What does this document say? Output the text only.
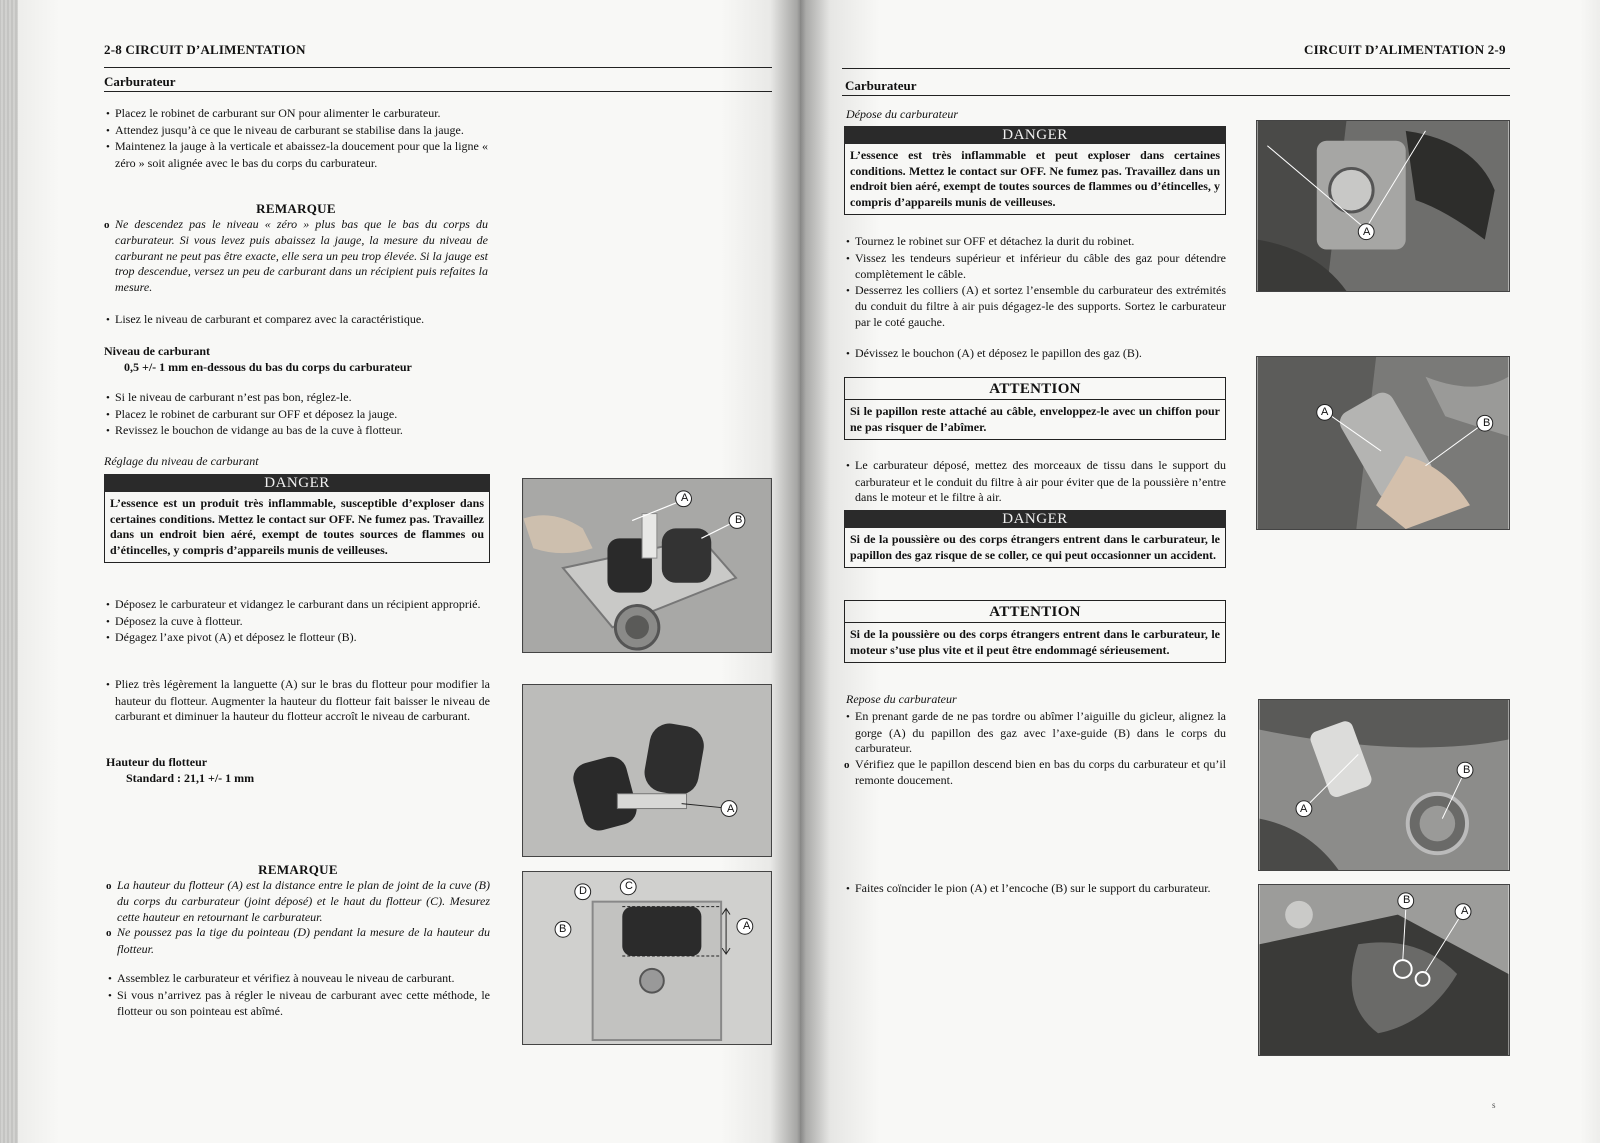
2-8 CIRCUIT D’ALIMENTATION
Carburateur

• Placez le robinet de carburant sur ON pour alimenter le carburateur.

• Attendez jusqu’à ce que le niveau de carburant se stabilise dans la jauge.

• Maintenez la jauge à la verticale et abaissez-la doucement pour que la ligne « zéro » soit alignée avec le bas du corps du carburateur.

REMARQUE

o Ne descendez pas le niveau « zéro » plus bas que le bas du corps du carburateur. Si vous levez puis abaissez la jauge, la mesure du niveau de carburant ne peut pas être exacte, elle sera un peu trop élevée. Si la jauge est trop descendue, versez un peu de carburant dans un récipient puis refaites la mesure.

• Lisez le niveau de carburant et comparez avec la caractéristique.

Niveau de carburant

0,5 +/- 1 mm en-dessous du bas du corps du carburateur

• Si le niveau de carburant n’est pas bon, réglez-le.

• Placez le robinet de carburant sur OFF et déposez la jauge.

• Revissez le bouchon de vidange au bas de la cuve à flotteur.

Réglage du niveau de carburant
DANGER
L’essence est un produit très inflammable, susceptible d’exploser dans certaines conditions. Mettez le contact sur OFF. Ne fumez pas. Travaillez dans un endroit bien aéré, exempt de toutes sources de flammes ou d’étincelles, y compris d’appareils munis de veilleuses.

• Déposez le carburateur et vidangez le carburant dans un récipient approprié.

• Déposez la cuve à flotteur.

• Dégagez l’axe pivot (A) et déposez le flotteur (B).

• Pliez très légèrement la languette (A) sur le bras du flotteur pour modifier la hauteur du flotteur. Augmenter la hauteur du flotteur fait baisser le niveau de carburant et diminuer la hauteur du flotteur accroît le niveau de carburant.

Hauteur du flotteur

Standard : 21,1 +/- 1 mm

REMARQUE

o La hauteur du flotteur (A) est la distance entre le plan de joint de la cuve (B) du corps du carburateur (joint déposé) et le haut du flotteur (C). Mesurez cette hauteur en retournant le carburateur.

o Ne poussez pas la tige du pointeau (D) pendant la mesure de la hauteur du flotteur.

• Assemblez le carburateur et vérifiez à nouveau le niveau de carburant.

• Si vous n’arrivez pas à régler le niveau de carburant avec cette méthode, le flotteur ou son pointeau est abîmé.

A
B
A
D	C
B	A
CIRCUIT D’ALIMENTATION 2-9
Carburateur
Dépose du carburateur
DANGER
L’essence est très inflammable et peut exploser dans certaines conditions. Mettez le contact sur OFF. Ne fumez pas. Travaillez dans un endroit bien aéré, exempt de toutes sources de flammes ou d’étincelles, y compris d’appareils munis de veilleuses.

• Tournez le robinet sur OFF et détachez la durit du robinet.

• Vissez les tendeurs supérieur et inférieur du câble des gaz pour détendre complètement le câble.

• Desserrez les colliers (A) et sortez l’ensemble du carburateur des extrémités du conduit du filtre à air puis dégagez-le des supports. Sortez le carburateur par le coté gauche.

• Dévissez le bouchon (A) et déposez le papillon des gaz (B).

ATTENTION
Si le papillon reste attaché au câble, enveloppez-le avec un chiffon pour ne pas risquer de l’abîmer.

• Le carburateur déposé, mettez des morceaux de tissu dans le support du carburateur et le conduit du filtre à air pour éviter que de la poussière n’entre dans le moteur et le filtre à air.

DANGER
Si de la poussière ou des corps étrangers entrent dans le carburateur, le papillon des gaz risque de se coller, ce qui peut occasionner un accident.
ATTENTION
Si de la poussière ou des corps étrangers entrent dans le carburateur, le moteur s’use plus vite et il peut être endommagé sérieusement.
Repose du carburateur

• En prenant garde de ne pas tordre ou abîmer l’aiguille du gicleur, alignez la gorge (A) du papillon des gaz avec l’axe-guide (B) dans le corps du carburateur.

o Vérifiez que le papillon descend bien en bas du corps du carburateur et qu’il remonte doucement.

• Faites coïncider le pion (A) et l’encoche (B) sur le support du carburateur.

A
A
B
A
B
B
A
s
